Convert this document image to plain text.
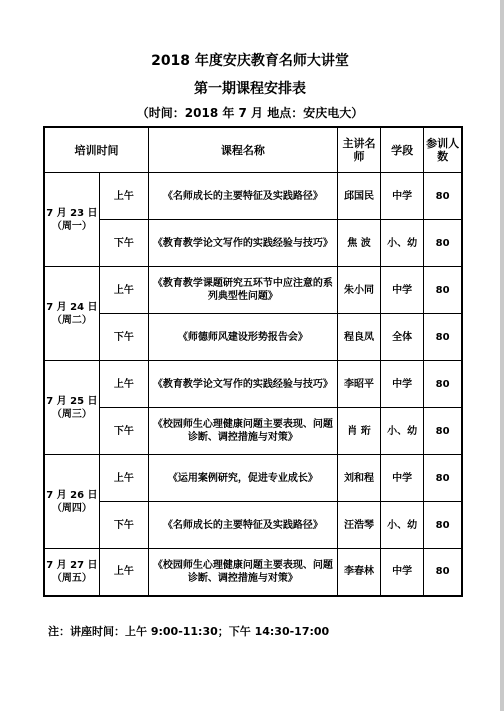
2018 年度安庆教育名师大讲堂
第一期课程安排表
（时间：2018 年 7 月 地点：安庆电大）
培训时间		课程名称	主讲名师	学段	参训人数

7 月 23 日
（周一）	上午	《名师成长的主要特征及实践路径》	邱国民	中学	80
	下午	《教育教学论文写作的实践经验与技巧》	焦 波	小、幼	80

7 月 24 日
（周二）	上午	《教育教学课题研究五环节中应注意的系列典型性问题》	朱小同	中学	80
	下午	《师德师风建设形势报告会》	程良凤	全体	80

7 月 25 日
（周三）	上午	《教育教学论文写作的实践经验与技巧》	李昭平	中学	80
	下午	《校园师生心理健康问题主要表现、问题诊断、调控措施与对策》	肖 珩	小、幼	80

7 月 26 日
（周四）	上午	《运用案例研究，促进专业成长》	刘和程	中学	80
	下午	《名师成长的主要特征及实践路径》	汪浩琴	小、幼	80

7 月 27 日
（周五）	上午	《校园师生心理健康问题主要表现、问题诊断、调控措施与对策》	李春林	中学	80
注：讲座时间：上午 9:00-11:30；下午 14:30-17:00
